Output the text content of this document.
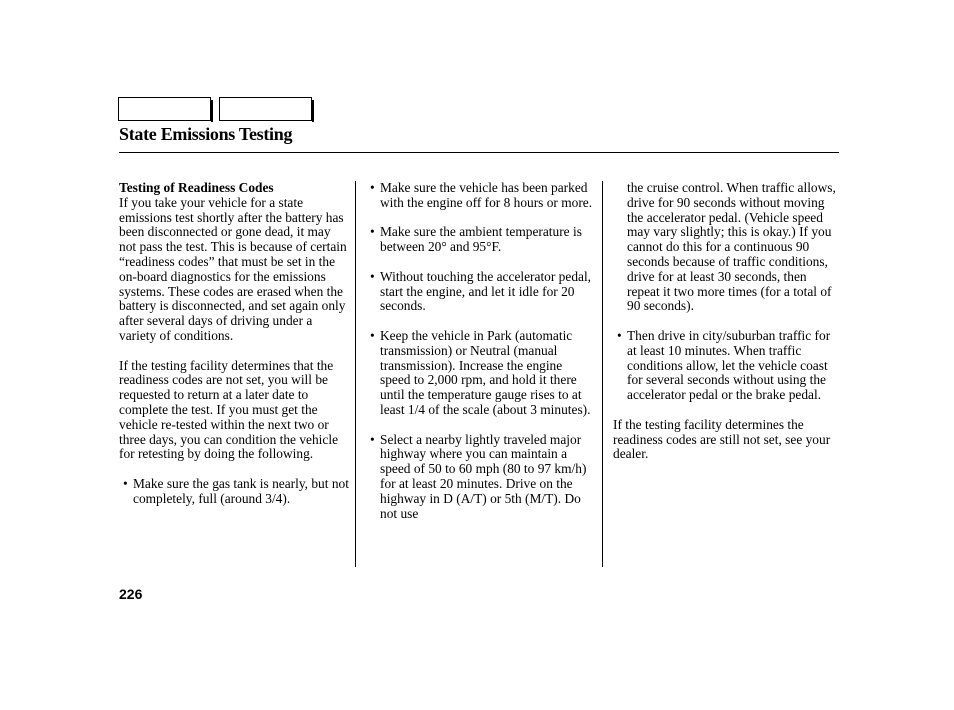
State Emissions Testing
Testing of Readiness Codes

If you take your vehicle for a state emissions test shortly after the battery has been disconnected or gone dead, it may not pass the test. This is because of certain “readiness codes” that must be set in the on-board diagnostics for the emissions systems. These codes are erased when the battery is disconnected, and set again only after several days of driving under a variety of conditions.

If the testing facility determines that the readiness codes are not set, you will be requested to return at a later date to complete the test. If you must get the vehicle re-tested within the next two or three days, you can condition the vehicle for retesting by doing the following.

• Make sure the gas tank is nearly, but not completely, full (around 3/4).
• Make sure the vehicle has been parked with the engine off for 8 hours or more.
• Make sure the ambient temperature is between 20° and 95°F.
• Without touching the accelerator pedal, start the engine, and let it idle for 20 seconds.
• Keep the vehicle in Park (automatic transmission) or Neutral (manual transmission). Increase the engine speed to 2,000 rpm, and hold it there until the temperature gauge rises to at least 1/4 of the scale (about 3 minutes).
• Select a nearby lightly traveled major highway where you can maintain a speed of 50 to 60 mph (80 to 97 km/h) for at least 20 minutes. Drive on the highway in D (A/T) or 5th (M/T). Do not use
the cruise control. When traffic allows, drive for 90 seconds without moving the accelerator pedal. (Vehicle speed may vary slightly; this is okay.) If you cannot do this for a continuous 90 seconds because of traffic conditions, drive for at least 30 seconds, then repeat it two more times (for a total of 90 seconds).
• Then drive in city/suburban traffic for at least 10 minutes. When traffic conditions allow, let the vehicle coast for several seconds without using the accelerator pedal or the brake pedal.

If the testing facility determines the readiness codes are still not set, see your dealer.

226
